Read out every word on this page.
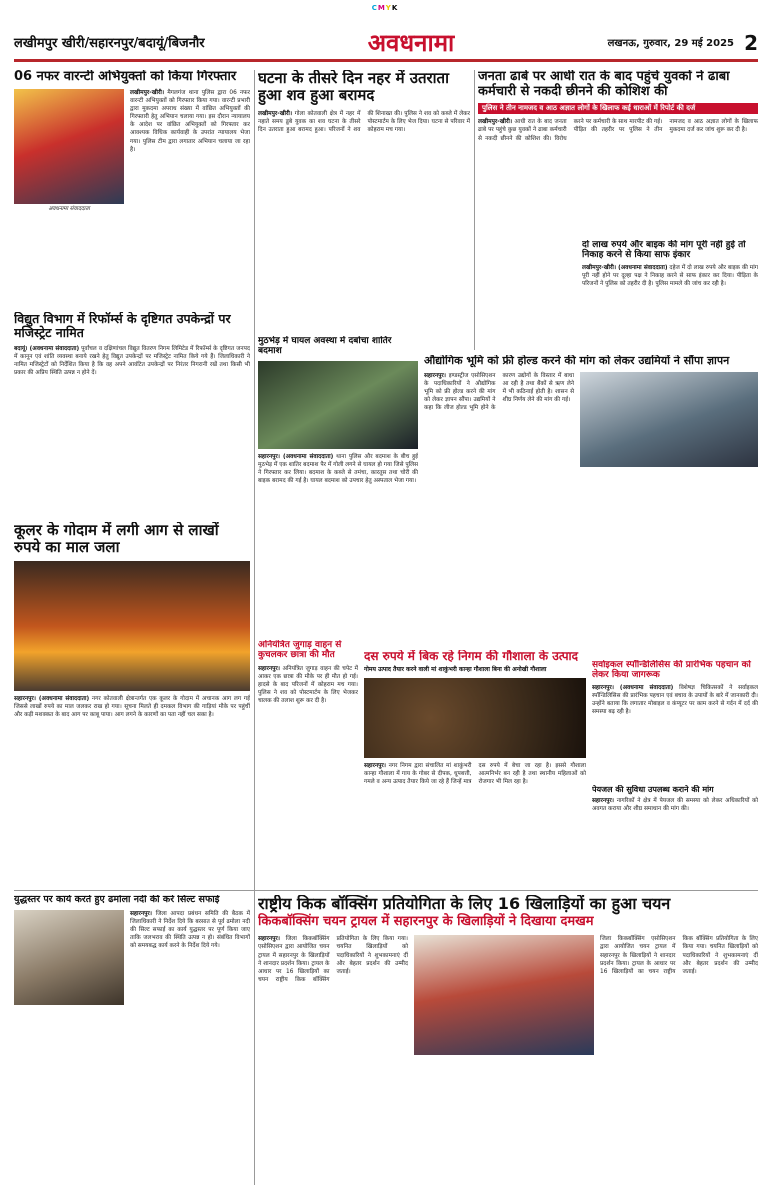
CMYK
लखीमपुर खीरी/सहारनपुर/बदायूं/बिजनौर	अवधनामा	लखनऊ, गुरुवार, 29 मई 2025 2
06 नफर वारन्टी अभियुक्तों को किया गिरफ्तार
अवधनामा संवाददाता
लखीमपुर-खीरी। मैगलगंज थाना पुलिस द्वारा 06 नफर वारन्टी अभियुक्तों को गिरफ्तार किया गया। वारन्टी प्रभारी द्वारा मुकदमा अपराध संख्या में वांछित अभियुक्तों की गिरफ्तारी हेतु अभियान चलाया गया। इस दौरान न्यायालय के आदेश पर वांछित अभियुक्तों को गिरफ्तार कर आवश्यक विधिक कार्यवाही के उपरांत न्यायालय भेजा गया। पुलिस टीम द्वारा लगातार अभियान चलाया जा रहा है।
विद्युत विभाग में रिफॉर्म्स के दृष्टिगत उपकेन्द्रों पर मजिस्ट्रेट नामित
बदायूं। (अवधनामा संवाददाता) पूर्वांचल व दक्षिणांचल विद्युत वितरण निगम लिमिटेड में रिफॉर्म्स के दृष्टिगत जनपद में कानून एवं शांति व्यवस्था बनाये रखने हेतु विद्युत उपकेन्द्रों पर मजिस्ट्रेट नामित किये गये हैं। जिलाधिकारी ने नामित मजिस्ट्रेटों को निर्देशित किया है कि वह अपने आवंटित उपकेन्द्रों पर निरंतर निगरानी रखें तथा किसी भी प्रकार की अप्रिय स्थिति उत्पन्न न होने दें।
कूलर के गोदाम में लगी आग से लाखों रुपये का माल जला
सहारनपुर। (अवधनामा संवाददाता) नगर कोतवाली क्षेत्रान्तर्गत एक कूलर के गोदाम में अचानक आग लग गई जिससे लाखों रुपये का माल जलकर राख हो गया। सूचना मिलते ही दमकल विभाग की गाड़ियां मौके पर पहुंचीं और कड़ी मशक्कत के बाद आग पर काबू पाया। आग लगने के कारणों का पता नहीं चल सका है।
घटना के तीसरे दिन नहर में उतराता हुआ शव हुआ बरामद
लखीमपुर-खीरी। गोला कोतवाली क्षेत्र में नहर में नहाते समय डूबे युवक का शव घटना के तीसरे दिन उतराता हुआ बरामद हुआ। परिजनों ने शव की शिनाख्त की। पुलिस ने शव को कब्जे में लेकर पोस्टमार्टम के लिए भेज दिया। घटना से परिवार में कोहराम मच गया।
जनता ढाबे पर आधी रात के बाद पहुंचे युवकों ने ढाबा कर्मचारी से नकदी छीनने की कोशिश की
पुलिस ने तीन नामजद व आठ अज्ञात लोगों के खिलाफ कई धाराओं में रिपोर्ट की दर्ज
लखीमपुर-खीरी। आधी रात के बाद जनता ढाबे पर पहुंचे कुछ युवकों ने ढाबा कर्मचारी से नकदी छीनने की कोशिश की। विरोध करने पर कर्मचारी के साथ मारपीट की गई। पीड़ित की तहरीर पर पुलिस ने तीन नामजद व आठ अज्ञात लोगों के खिलाफ मुकदमा दर्ज कर जांच शुरू कर दी है।
दो लाख रुपये और बाइक की मांग पूरी नहीं हुई तो निकाह करने से किया साफ इंकार
लखीमपुर-खीरी। (अवधनामा संवाददाता) दहेज में दो लाख रुपये और बाइक की मांग पूरी नहीं होने पर दूल्हा पक्ष ने निकाह करने से साफ इंकार कर दिया। पीड़िता के परिजनों ने पुलिस को तहरीर दी है। पुलिस मामले की जांच कर रही है।
मुठभेड़ में घायल अवस्था में दबोचा शातिर बदमाश
सहारनपुर। (अवधनामा संवाददाता) थाना पुलिस और बदमाश के बीच हुई मुठभेड़ में एक शातिर बदमाश पैर में गोली लगने से घायल हो गया जिसे पुलिस ने गिरफ्तार कर लिया। बदमाश के कब्जे से तमंचा, कारतूस तथा चोरी की बाइक बरामद की गई है। घायल बदमाश को उपचार हेतु अस्पताल भेजा गया।
औद्योगिक भूमि को फ्री होल्ड करने की मांग को लेकर उद्यमियों ने सौंपा ज्ञापन
सहारनपुर। इण्डस्ट्रीज एसोसिएशन के पदाधिकारियों ने औद्योगिक भूमि को फ्री होल्ड करने की मांग को लेकर ज्ञापन सौंपा। उद्यमियों ने कहा कि लीज होल्ड भूमि होने के कारण उद्योगों के विस्तार में बाधा आ रही है तथा बैंकों से ऋण लेने में भी कठिनाई होती है। शासन से शीघ्र निर्णय लेने की मांग की गई।
अनियंत्रित जुगाड़ वाहन से कुचलकर छात्रा की मौत
सहारनपुर। अनियंत्रित जुगाड़ वाहन की चपेट में आकर एक छात्रा की मौके पर ही मौत हो गई। हादसे के बाद परिजनों में कोहराम मच गया। पुलिस ने शव को पोस्टमार्टम के लिए भेजकर चालक की तलाश शुरू कर दी है।
दस रुपये में बिक रहे निगम की गौशाला के उत्पाद
गोमय उत्पाद तैयार करने वाली मां शाकुंभरी कान्हा गौशाला बिना की अनोखी गौशाला
सहारनपुर। नगर निगम द्वारा संचालित मां शाकुंभरी कान्हा गौशाला में गाय के गोबर से दीपक, धूपबत्ती, गमले व अन्य उत्पाद तैयार किये जा रहे हैं जिन्हें मात्र दस रुपये में बेचा जा रहा है। इससे गौशाला आत्मनिर्भर बन रही है तथा स्थानीय महिलाओं को रोजगार भी मिल रहा है।
सर्वाइकल स्पॉन्डिलिसिस की प्रारंभिक पहचान को लेकर किया जागरूक
सहारनपुर। (अवधनामा संवाददाता) विशेषज्ञ चिकित्सकों ने सर्वाइकल स्पॉन्डिलिसिस की प्रारंभिक पहचान एवं बचाव के उपायों के बारे में जानकारी दी। उन्होंने बताया कि लगातार मोबाइल व कंप्यूटर पर काम करने से गर्दन में दर्द की समस्या बढ़ रही है।
पेयजल की सुविधा उपलब्ध कराने की मांग
सहारनपुर। नागरिकों ने क्षेत्र में पेयजल की समस्या को लेकर अधिकारियों को अवगत कराया और शीघ्र समाधान की मांग की।
युद्धस्तर पर कार्य करते हुए ढमोला नदी की करें सिल्ट सफाई
सहारनपुर। जिला आपदा प्रबंधन समिति की बैठक में जिलाधिकारी ने निर्देश दिये कि बरसात से पूर्व ढमोला नदी की सिल्ट सफाई का कार्य युद्धस्तर पर पूर्ण किया जाए ताकि जलभराव की स्थिति उत्पन्न न हो। संबंधित विभागों को समयबद्ध कार्य करने के निर्देश दिये गये।
राष्ट्रीय किक बॉक्सिंग प्रतियोगिता के लिए 16 खिलाड़ियों का हुआ चयन
किकबॉक्सिंग चयन ट्रायल में सहारनपुर के खिलाड़ियों ने दिखाया दमखम
सहारनपुर। जिला किकबॉक्सिंग एसोसिएशन द्वारा आयोजित चयन ट्रायल में सहारनपुर के खिलाड़ियों ने शानदार प्रदर्शन किया। ट्रायल के आधार पर 16 खिलाड़ियों का चयन राष्ट्रीय किक बॉक्सिंग प्रतियोगिता के लिए किया गया। चयनित खिलाड़ियों को पदाधिकारियों ने शुभकामनाएं दीं और बेहतर प्रदर्शन की उम्मीद जताई।
जिला किकबॉक्सिंग एसोसिएशन द्वारा आयोजित चयन ट्रायल में सहारनपुर के खिलाड़ियों ने शानदार प्रदर्शन किया। ट्रायल के आधार पर 16 खिलाड़ियों का चयन राष्ट्रीय किक बॉक्सिंग प्रतियोगिता के लिए किया गया। चयनित खिलाड़ियों को पदाधिकारियों ने शुभकामनाएं दीं और बेहतर प्रदर्शन की उम्मीद जताई।
